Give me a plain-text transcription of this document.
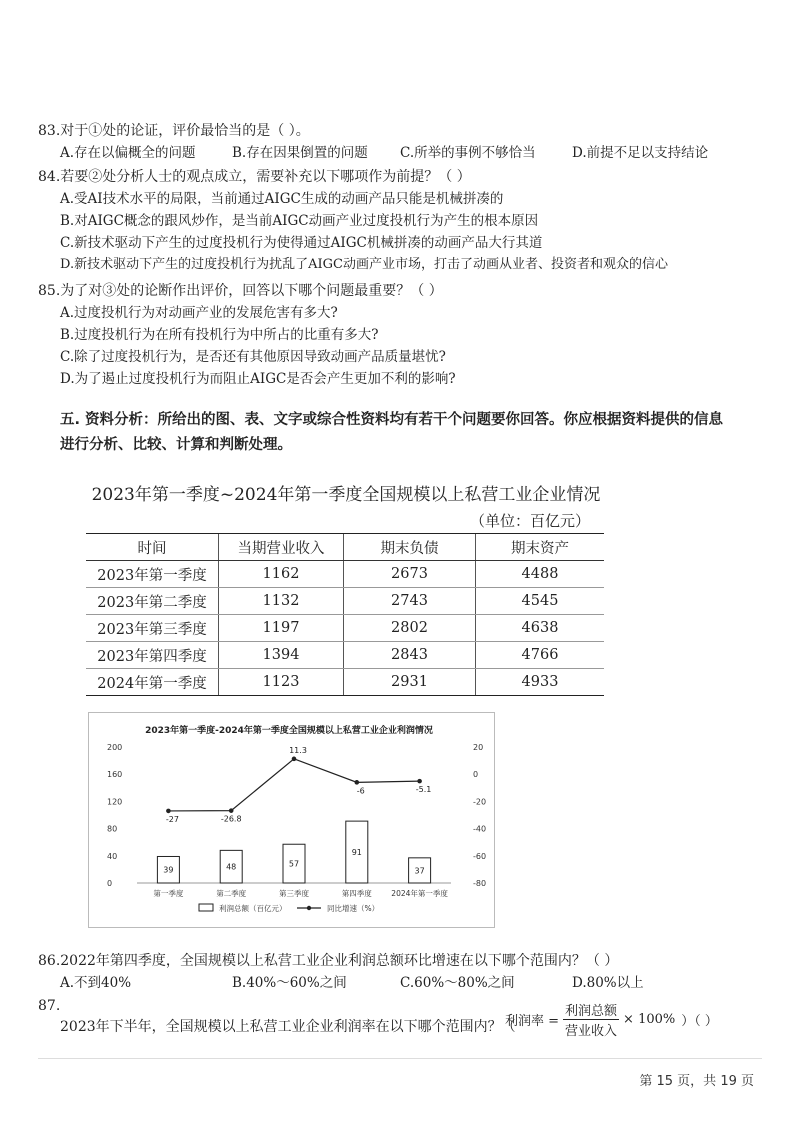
83.对于①处的论证，评价最恰当的是（ ）。
A.存在以偏概全的问题	B.存在因果倒置的问题 C.所举的事例不够恰当	D.前提不足以支持结论
84.若要②处分析人士的观点成立，需要补充以下哪项作为前提？（ ）
A.受AI技术水平的局限，当前通过AIGC生成的动画产品只能是机械拼凑的
B.对AIGC概念的跟风炒作，是当前AIGC动画产业过度投机行为产生的根本原因
C.新技术驱动下产生的过度投机行为使得通过AIGC机械拼凑的动画产品大行其道
D.新技术驱动下产生的过度投机行为扰乱了AIGC动画产业市场，打击了动画从业者、投资者和观众的信心
85.为了对③处的论断作出评价，回答以下哪个问题最重要？（ ）
A.过度投机行为对动画产业的发展危害有多大?
B.过度投机行为在所有投机行为中所占的比重有多大?
C.除了过度投机行为，是否还有其他原因导致动画产品质量堪忧?
D.为了遏止过度投机行为而阻止AIGC是否会产生更加不利的影响?
五. 资料分析：所给出的图、表、文字或综合性资料均有若干个问题要你回答。你应根据资料提供的信息
进行分析、比较、计算和判断处理。
2023年第一季度~2024年第一季度全国规模以上私营工业企业情况
（单位：百亿元）
时间	当期营业收入	期末负债	期末资产
2023年第一季度	1162	2673	4488
2023年第二季度	1132	2743	4545
2023年第三季度	1197	2802	4638
2023年第四季度	1394	2843	4766
2024年第一季度	1123	2931	4933
2023年第一季度-2024年第一季度全国规模以上私营工业企业利润情况
0
40
80
120
160
200
-80
-60
-40
-20
0
20
39	48	57
91
37
-27	-26.8
11.3
-6	-5.1
第一季度	第二季度	第三季度	第四季度	2024年第一季度
利润总额（百亿元）	同比增速（%）
86.2022年第四季度，全国规模以上私营工业企业利润总额环比增速在以下哪个范围内？（ ）
A.不到40%	B.40%～60%之间	C.60%～80%之间	D.80%以上
87.
2023年下半年，全国规模以上私营工业企业利润率在以下哪个范围内？（
利润率 = $\frac{\text{利润总额}}{\text{营业收入}} \times 100\%$ ）（ ）
第 15 页，共 19 页
